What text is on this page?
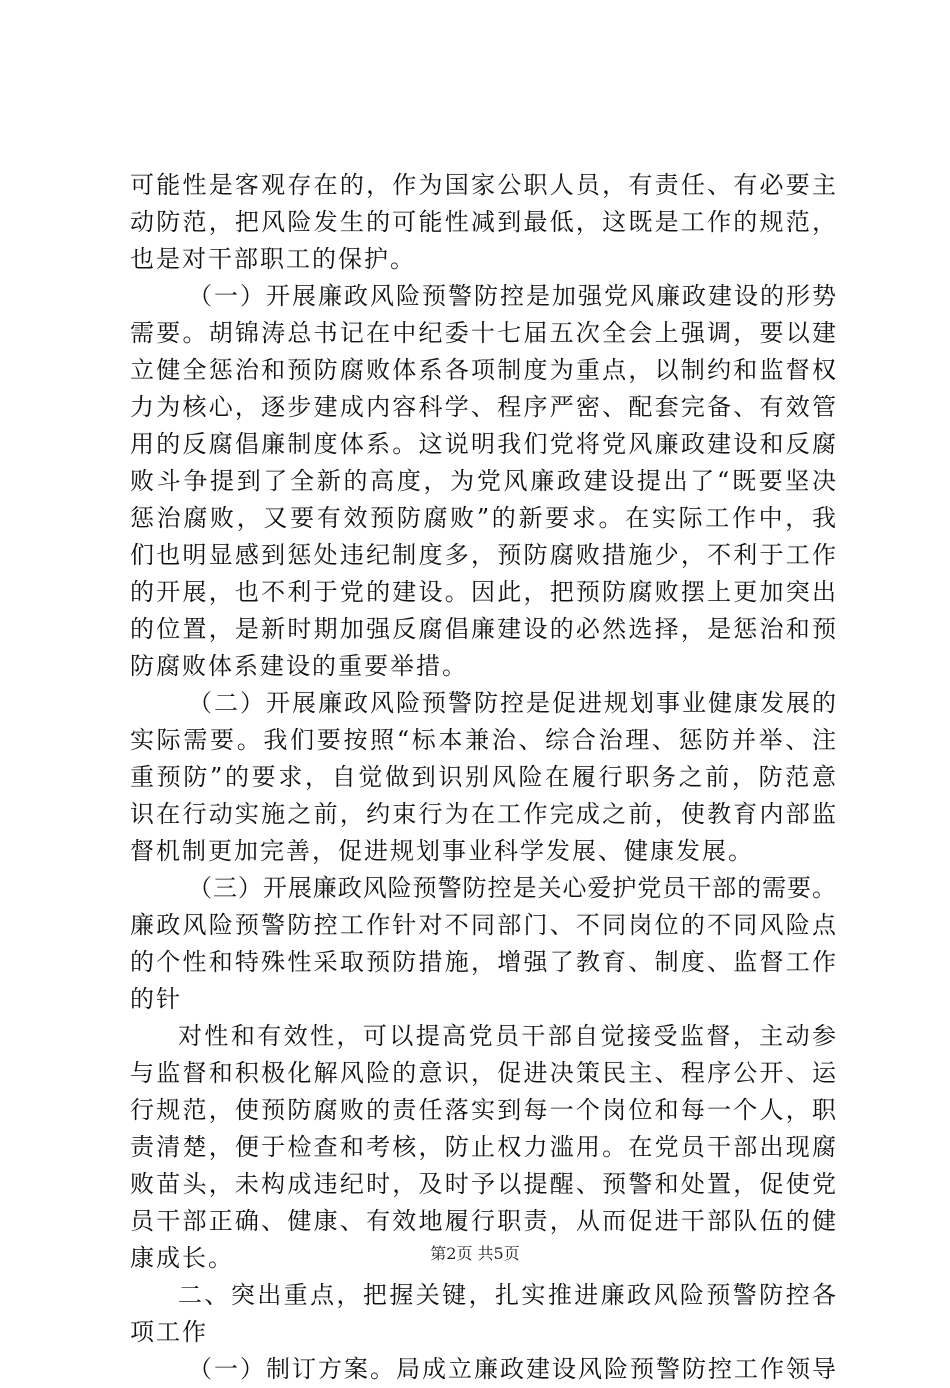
可能性是客观存在的，作为国家公职人员，有责任、有必要主
动防范，把风险发生的可能性减到最低，这既是工作的规范，
也是对干部职工的保护。
（一）开展廉政风险预警防控是加强党风廉政建设的形势
需要。胡锦涛总书记在中纪委十七届五次全会上强调，要以建
立健全惩治和预防腐败体系各项制度为重点，以制约和监督权
力为核心，逐步建成内容科学、程序严密、配套完备、有效管
用的反腐倡廉制度体系。这说明我们党将党风廉政建设和反腐
败斗争提到了全新的高度，为党风廉政建设提出了“既要坚决
惩治腐败，又要有效预防腐败”的新要求。在实际工作中，我
们也明显感到惩处违纪制度多，预防腐败措施少，不利于工作
的开展，也不利于党的建设。因此，把预防腐败摆上更加突出
的位置，是新时期加强反腐倡廉建设的必然选择，是惩治和预
防腐败体系建设的重要举措。
（二）开展廉政风险预警防控是促进规划事业健康发展的
实际需要。我们要按照“标本兼治、综合治理、惩防并举、注
重预防”的要求，自觉做到识别风险在履行职务之前，防范意
识在行动实施之前，约束行为在工作完成之前，使教育内部监
督机制更加完善，促进规划事业科学发展、健康发展。
（三）开展廉政风险预警防控是关心爱护党员干部的需要。
廉政风险预警防控工作针对不同部门、不同岗位的不同风险点
的个性和特殊性采取预防措施，增强了教育、制度、监督工作
的针
对性和有效性，可以提高党员干部自觉接受监督，主动参
与监督和积极化解风险的意识，促进决策民主、程序公开、运
行规范，使预防腐败的责任落实到每一个岗位和每一个人，职
责清楚，便于检查和考核，防止权力滥用。在党员干部出现腐
败苗头，未构成违纪时，及时予以提醒、预警和处置，促使党
员干部正确、健康、有效地履行职责，从而促进干部队伍的健
康成长。
二、突出重点，把握关键，扎实推进廉政风险预警防控各
项工作
（一）制订方案。局成立廉政建设风险预警防控工作领导
第2页 共5页
